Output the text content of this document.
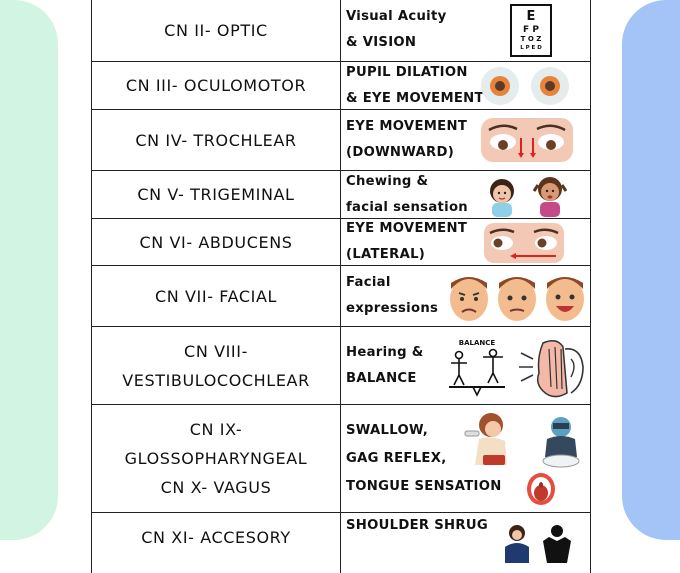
CN II- OPTIC
Visual Acuity
& VISION
E
F P
T O Z
L P E D
CN III- OCULOMOTOR
PUPIL DILATION
& EYE MOVEMENT
CN IV- TROCHLEAR
EYE MOVEMENT
(DOWNWARD)
CN V- TRIGEMINAL
Chewing &
facial sensation
CN VI- ABDUCENS
EYE MOVEMENT
(LATERAL)
CN VII- FACIAL
Facial
expressions
CN VIII-
VESTIBULOCOCHLEAR
Hearing &
BALANCE
BALANCE
CN IX-
GLOSSOPHARYNGEAL
CN X- VAGUS
SWALLOW,
GAG REFLEX,
TONGUE SENSATION
CN XI- ACCESORY
SHOULDER SHRUG
